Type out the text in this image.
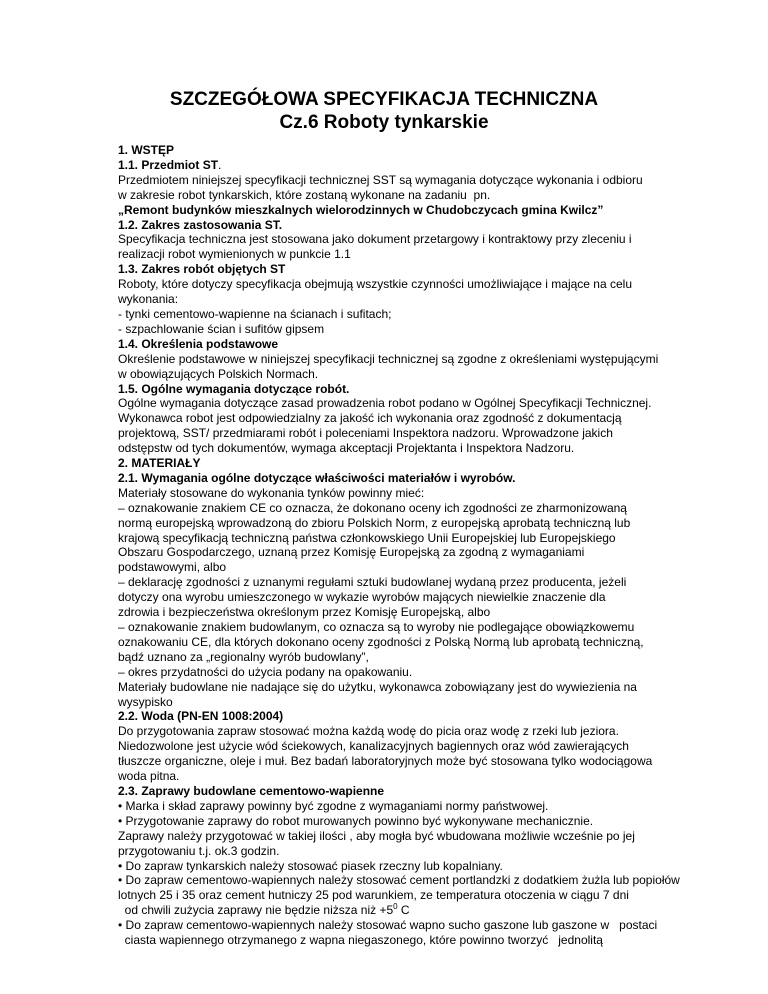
SZCZEGÓŁOWA SPECYFIKACJA TECHNICZNA

Cz.6 Roboty tynkarskie

1. WSTĘP

1.1. Przedmiot ST.

Przedmiotem niniejszej specyfikacji technicznej SST są wymagania dotyczące wykonania i odbioru

w zakresie robot tynkarskich, które zostaną wykonane na zadaniu  pn.

„Remont budynków mieszkalnych wielorodzinnych w Chudobczycach gmina Kwilcz”

1.2. Zakres zastosowania ST.

Specyfikacja techniczna jest stosowana jako dokument przetargowy i kontraktowy przy zleceniu i

realizacji robot wymienionych w punkcie 1.1

1.3. Zakres robót objętych ST

Roboty, które dotyczy specyfikacja obejmują wszystkie czynności umożliwiające i mające na celu

wykonania:

- tynki cementowo-wapienne na ścianach i sufitach;

- szpachlowanie ścian i sufitów gipsem

1.4. Określenia podstawowe

Określenie podstawowe w niniejszej specyfikacji technicznej są zgodne z określeniami występującymi

w obowiązujących Polskich Normach.

1.5. Ogólne wymagania dotyczące robót.

Ogólne wymagania dotyczące zasad prowadzenia robot podano w Ogólnej Specyfikacji Technicznej.

Wykonawca robot jest odpowiedzialny za jakość ich wykonania oraz zgodność z dokumentacją

projektową, SST/ przedmiarami robót i poleceniami Inspektora nadzoru. Wprowadzone jakich

odstępstw od tych dokumentów, wymaga akceptacji Projektanta i Inspektora Nadzoru.

2. MATERIAŁY

2.1. Wymagania ogólne dotyczące właściwości materiałów i wyrobów.

Materiały stosowane do wykonania tynków powinny mieć:

– oznakowanie znakiem CE co oznacza, że dokonano oceny ich zgodności ze zharmonizowaną

normą europejską wprowadzoną do zbioru Polskich Norm, z europejską aprobatą techniczną lub

krajową specyfikacją techniczną państwa członkowskiego Unii Europejskiej lub Europejskiego

Obszaru Gospodarczego, uznaną przez Komisję Europejską za zgodną z wymaganiami

podstawowymi, albo

– deklarację zgodności z uznanymi regułami sztuki budowlanej wydaną przez producenta, jeżeli

dotyczy ona wyrobu umieszczonego w wykazie wyrobów mających niewielkie znaczenie dla

zdrowia i bezpieczeństwa określonym przez Komisję Europejską, albo

– oznakowanie znakiem budowlanym, co oznacza są to wyroby nie podlegające obowiązkowemu

oznakowaniu CE, dla których dokonano oceny zgodności z Polską Normą lub aprobatą techniczną,

bądź uznano za „regionalny wyrób budowlany”,

– okres przydatności do użycia podany na opakowaniu.

Materiały budowlane nie nadające się do użytku, wykonawca zobowiązany jest do wywiezienia na

wysypisko

2.2. Woda (PN-EN 1008:2004)

Do przygotowania zapraw stosować można każdą wodę do picia oraz wodę z rzeki lub jeziora.

Niedozwolone jest użycie wód ściekowych, kanalizacyjnych bagiennych oraz wód zawierających

tłuszcze organiczne, oleje i muł. Bez badań laboratoryjnych może być stosowana tylko wodociągowa

woda pitna.

2.3. Zaprawy budowlane cementowo-wapienne

• Marka i skład zaprawy powinny być zgodne z wymaganiami normy państwowej.

• Przygotowanie zaprawy do robot murowanych powinno być wykonywane mechanicznie.

Zaprawy należy przygotować w takiej ilości , aby mogła być wbudowana możliwie wcześnie po jej

przygotowaniu t.j. ok.3 godzin.

• Do zapraw tynkarskich należy stosować piasek rzeczny lub kopalniany.

• Do zapraw cementowo-wapiennych należy stosować cement portlandzki z dodatkiem żużla lub popiołów

lotnych 25 i 35 oraz cement hutniczy 25 pod warunkiem, ze temperatura otoczenia w ciągu 7 dni

od chwili zużycia zaprawy nie będzie niższa niż $+5^0$ C

• Do zapraw cementowo-wapiennych należy stosować wapno sucho gaszone lub gaszone w   postaci

ciasta wapiennego otrzymanego z wapna niegaszonego, które powinno tworzyć   jednolitą
